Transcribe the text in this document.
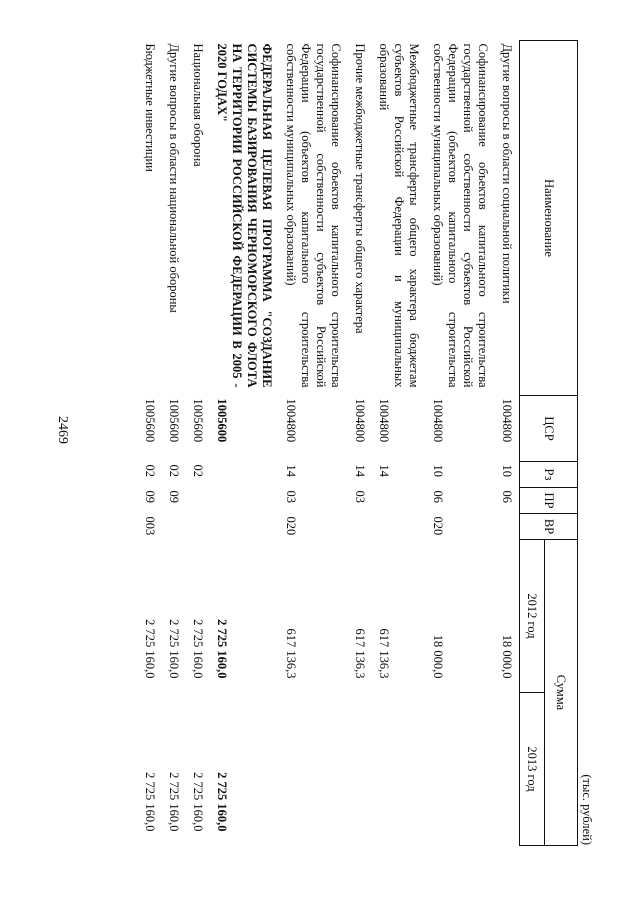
2469
(тыс. рублей)
Наименование	ЦСР	Рз	ПР	ВР	Сумма	
					2012 год	2013 год
Другие вопросы в области социальной политики	1004800	10	06		18 000,0	
Софинансирование объектов капитального строительства государственной собственности субъектов Российской Федерации (объектов капитального строительства собственности муниципальных образований)	1004800	10	06	020	18 000,0	
Межбюджетные трансферты общего характера бюджетам субъектов Российской Федерации и муниципальных образований	1004800	14			617 136,3	
Прочие межбюджетные трансферты общего характера	1004800	14	03		617 136,3	
Софинансирование объектов капитального строительства государственной собственности субъектов Российской Федерации (объектов капитального строительства собственности муниципальных образований)	1004800	14	03	020	617 136,3	
ФЕДЕРАЛЬНАЯ ЦЕЛЕВАЯ ПРОГРАММА "СОЗДАНИЕ СИСТЕМЫ БАЗИРОВАНИЯ ЧЕРНОМОРСКОГО ФЛОТА НА ТЕРРИТОРИИ РОССИЙСКОЙ ФЕДЕРАЦИИ В 2005 - 2020 ГОДАХ"	1005600				2 725 160,0	2 725 160,0
Национальная оборона	1005600	02			2 725 160,0	2 725 160,0
Другие вопросы в области национальной обороны	1005600	02	09		2 725 160,0	2 725 160,0
Бюджетные инвестиции	1005600	02	09	003	2 725 160,0	2 725 160,0
